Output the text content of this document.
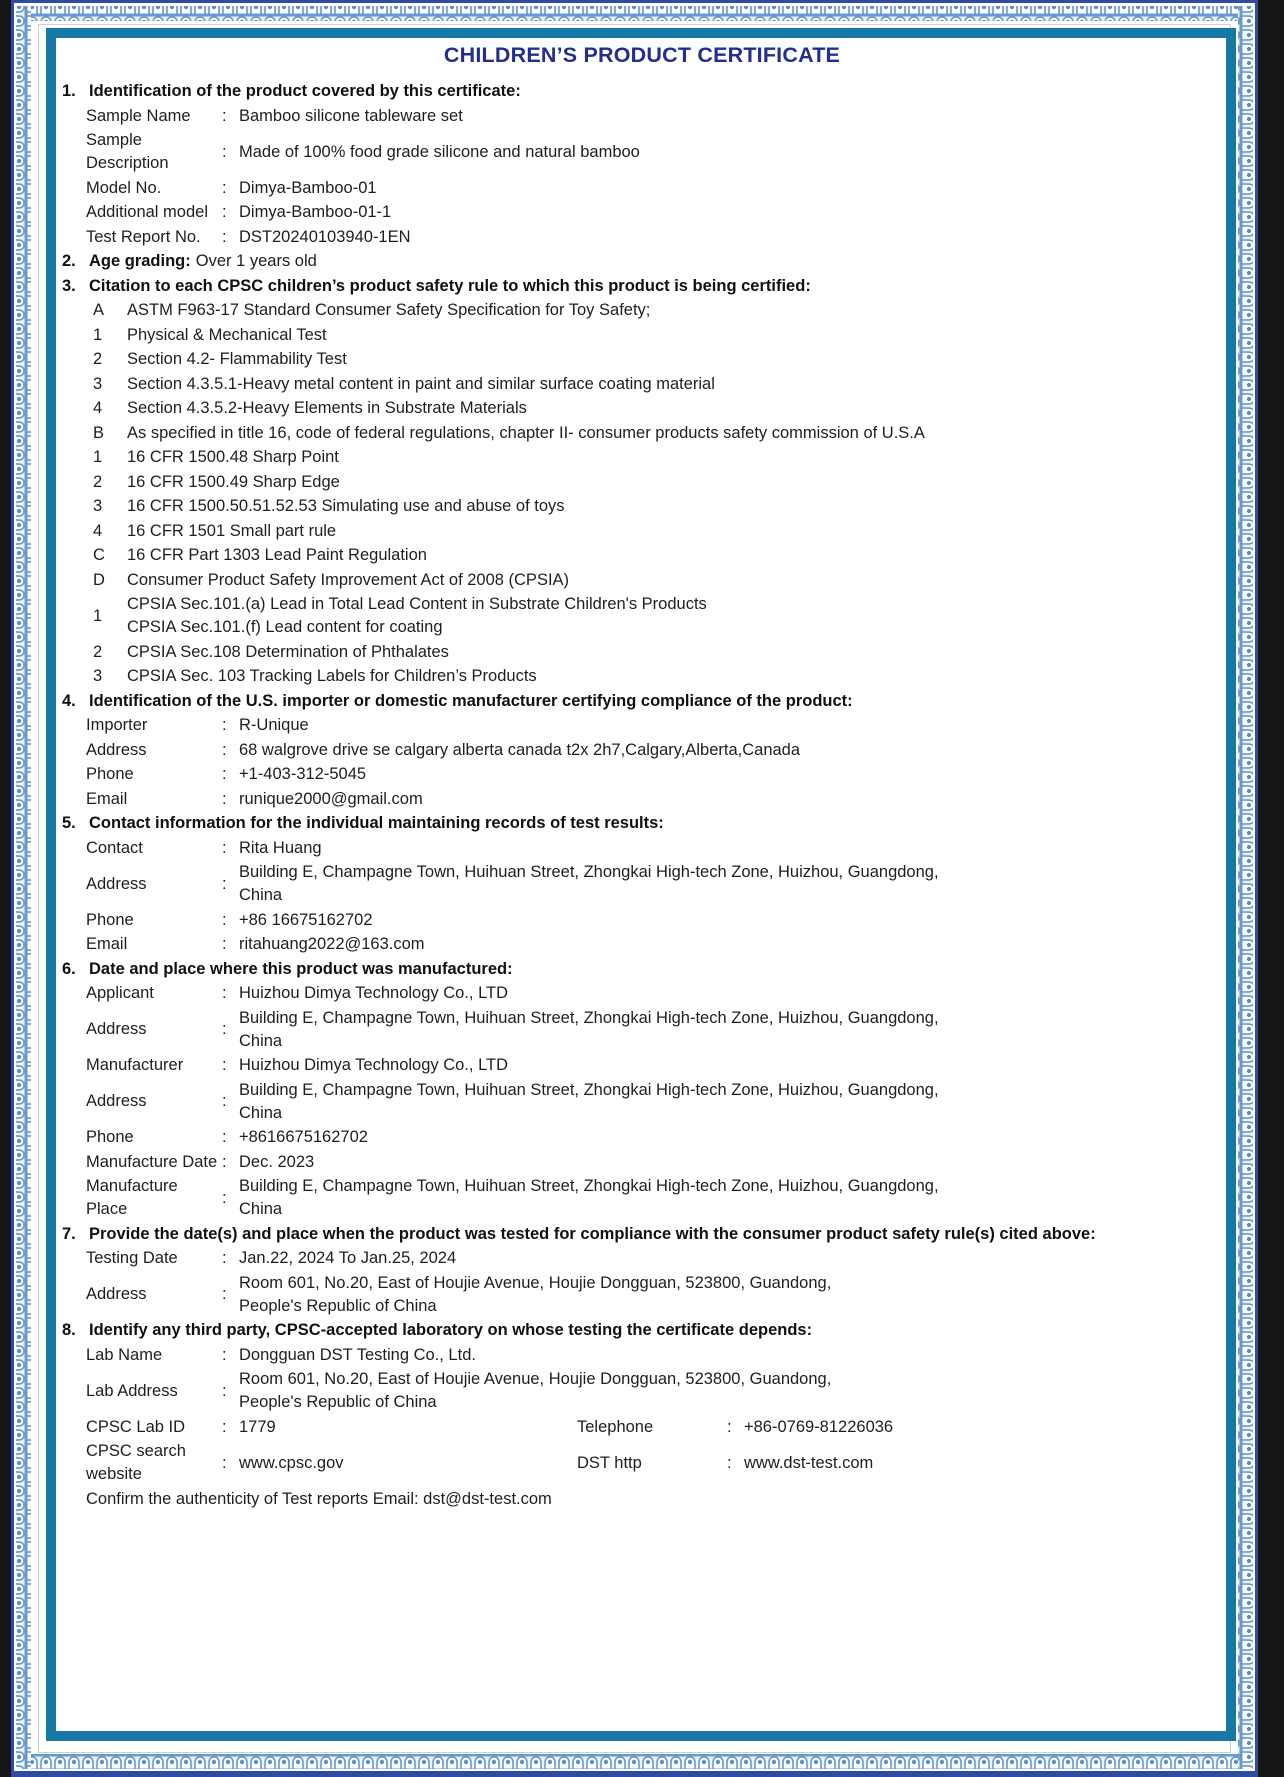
CHILDREN’S PRODUCT CERTIFICATE
1. Identification of the product covered by this certificate:
Sample Name	: Bamboo silicone tableware set
Sample Description
: Made of 100% food grade silicone and natural bamboo
Model No.	: Dimya-Bamboo-01
Additional model : Dimya-Bamboo-01-1
Test Report No.	: DST20240103940-1EN
2. Age grading: Over 1 years old
3. Citation to each CPSC children’s product safety rule to which this product is being certified:
A	ASTM F963-17 Standard Consumer Safety Specification for Toy Safety;
1	Physical & Mechanical Test
2	Section 4.2- Flammability Test
3	Section 4.3.5.1-Heavy metal content in paint and similar surface coating material
4	Section 4.3.5.2-Heavy Elements in Substrate Materials
B	As specified in title 16, code of federal regulations, chapter II- consumer products safety commission of U.S.A
1	16 CFR 1500.48 Sharp Point
2	16 CFR 1500.49 Sharp Edge
3	16 CFR 1500.50.51.52.53 Simulating use and abuse of toys
4	16 CFR 1501 Small part rule
C	16 CFR Part 1303 Lead Paint Regulation
D	Consumer Product Safety Improvement Act of 2008 (CPSIA)
1
CPSIA Sec.101.(a) Lead in Total Lead Content in Substrate Children's Products
CPSIA Sec.101.(f) Lead content for coating
2	CPSIA Sec.108 Determination of Phthalates
3	CPSIA Sec. 103 Tracking Labels for Children’s Products
4. Identification of the U.S. importer or domestic manufacturer certifying compliance of the product:
Importer	: R-Unique
Address	: 68 walgrove drive se calgary alberta canada t2x 2h7,Calgary,Alberta,Canada
Phone	: +1-403-312-5045
Email	: runique2000@gmail.com
5. Contact information for the individual maintaining records of test results:
Contact	: Rita Huang
Address	:
Building E, Champagne Town, Huihuan Street, Zhongkai High-tech Zone, Huizhou, Guangdong,
China
Phone	: +86 16675162702
Email	: ritahuang2022@163.com
6. Date and place where this product was manufactured:
Applicant	: Huizhou Dimya Technology Co., LTD
Address	:
Building E, Champagne Town, Huihuan Street, Zhongkai High-tech Zone, Huizhou, Guangdong,
China
Manufacturer	: Huizhou Dimya Technology Co., LTD
Address	:
Building E, Champagne Town, Huihuan Street, Zhongkai High-tech Zone, Huizhou, Guangdong,
China
Phone	: +8616675162702
Manufacture Date : Dec. 2023
Manufacture Place
:
Building E, Champagne Town, Huihuan Street, Zhongkai High-tech Zone, Huizhou, Guangdong,
China
7. Provide the date(s) and place when the product was tested for compliance with the consumer product safety rule(s) cited above:
Testing Date	: Jan.22, 2024 To Jan.25, 2024
Address	:
Room 601, No.20, East of Houjie Avenue, Houjie Dongguan, 523800, Guandong,
People's Republic of China
8. Identify any third party, CPSC-accepted laboratory on whose testing the certificate depends:
Lab Name	: Dongguan DST Testing Co., Ltd.
Lab Address	:
Room 601, No.20, East of Houjie Avenue, Houjie Dongguan, 523800, Guandong,
People's Republic of China
CPSC Lab ID	: 1779	Telephone	: +86-0769-81226036
CPSC search website
: www.cpsc.gov	DST http	: www.dst-test.com
Confirm the authenticity of Test reports Email: dst@dst-test.com
